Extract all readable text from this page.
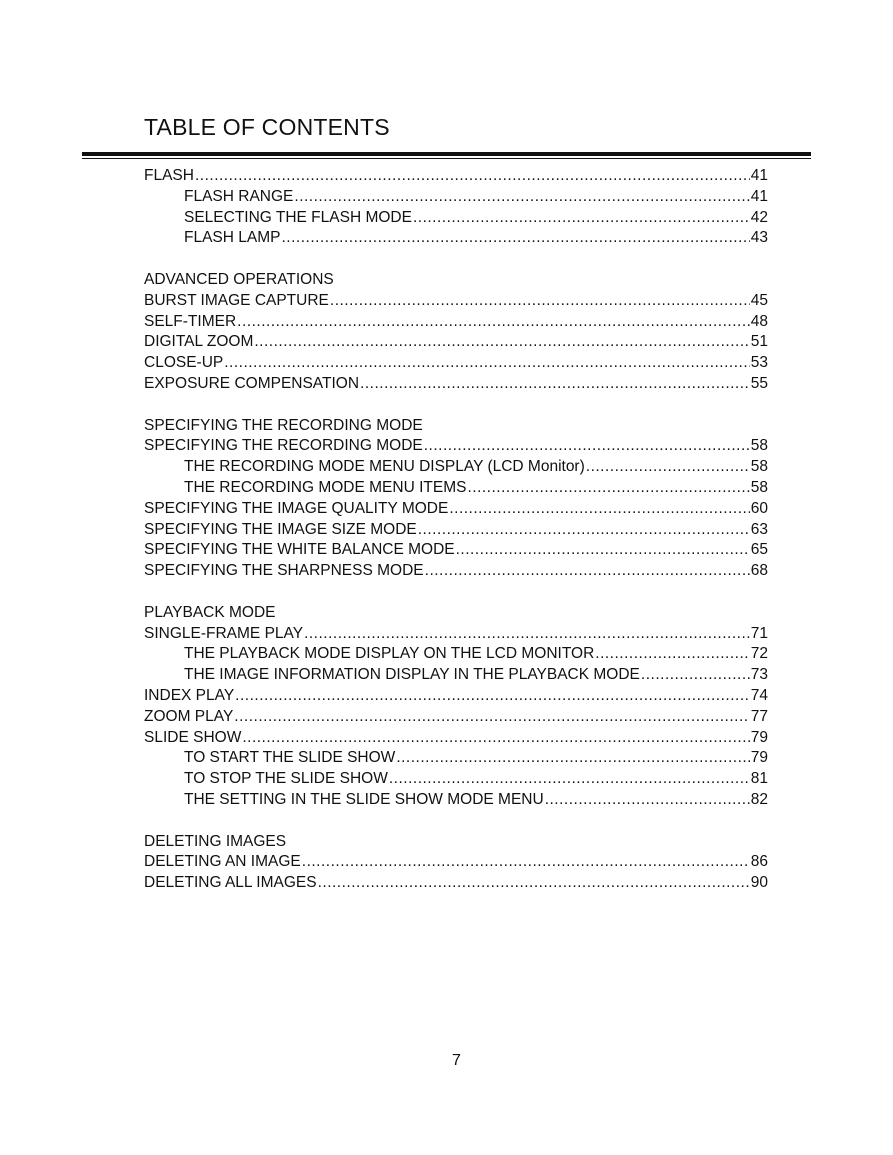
TABLE OF CONTENTS
FLASH .....	41
FLASH RANGE .....	41
SELECTING THE FLASH MODE .....	42
FLASH LAMP .....	43
ADVANCED OPERATIONS
BURST IMAGE CAPTURE .....	45
SELF-TIMER .....	48
DIGITAL ZOOM .....	51
CLOSE-UP .....	53
EXPOSURE COMPENSATION .....	55
SPECIFYING THE RECORDING MODE
SPECIFYING THE RECORDING MODE .....	58
THE RECORDING MODE MENU DISPLAY (LCD Monitor) .....	58
THE RECORDING MODE MENU ITEMS .....	58
SPECIFYING THE IMAGE QUALITY MODE .....	60
SPECIFYING THE IMAGE SIZE MODE .....	63
SPECIFYING THE WHITE BALANCE MODE .....	65
SPECIFYING THE SHARPNESS MODE .....	68
PLAYBACK MODE
SINGLE-FRAME PLAY .....	71
THE PLAYBACK MODE DISPLAY ON THE LCD MONITOR .....	72
THE IMAGE INFORMATION DISPLAY IN THE PLAYBACK MODE .....	73
INDEX PLAY .....	74
ZOOM PLAY .....	77
SLIDE SHOW .....	79
TO START THE SLIDE SHOW .....	79
TO STOP THE SLIDE SHOW .....	81
THE SETTING IN THE SLIDE SHOW MODE MENU .....	82
DELETING IMAGES
DELETING AN IMAGE .....	86
DELETING ALL IMAGES .....	90
7
